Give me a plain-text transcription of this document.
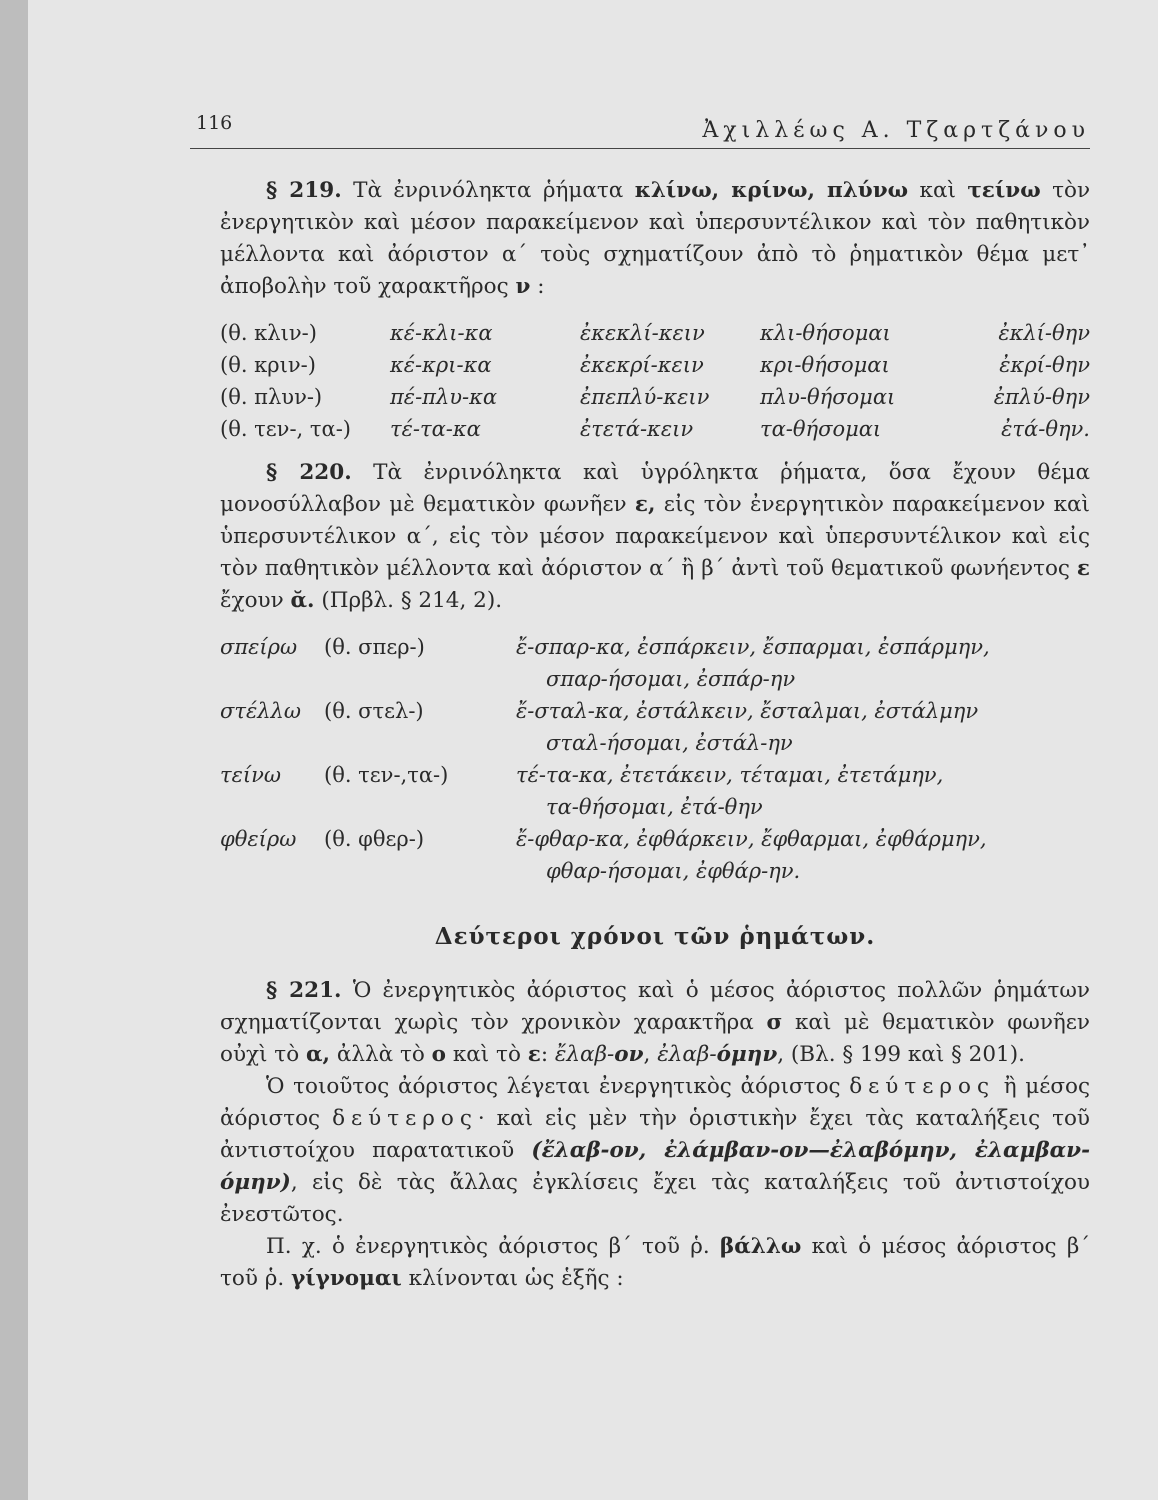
116	Ἀχιλλέως Α. Τζαρτζάνου

§ 219. Τὰ ἐνρινόληκτα ῥήματα κλίνω, κρίνω, πλύνω καὶ τείνω τὸν ἐνεργητικὸν καὶ μέσον παρακείμενον καὶ ὑπερσυντέλικον καὶ τὸν παθητικὸν μέλλοντα καὶ ἀόριστον α΄ τοὺς σχηματίζουν ἀπὸ τὸ ῥηματικὸν θέμα μετ᾽ ἀποβολὴν τοῦ χαρακτῆρος ν :

(θ. κλιν-)	κέ-κλι-κα	ἐκεκλί-κειν	κλι-θήσομαι	ἐκλί-θην
(θ. κριν-)	κέ-κρι-κα	ἐκεκρί-κειν	κρι-θήσομαι	ἐκρί-θην
(θ. πλυν-)	πέ-πλυ-κα	ἐπεπλύ-κειν	πλυ-θήσομαι	ἐπλύ-θην
(θ. τεν-, τα-)	τέ-τα-κα	ἐτετά-κειν	τα-θήσομαι	ἐτά-θην.

§ 220. Τὰ ἐνρινόληκτα καὶ ὑγρόληκτα ῥήματα, ὅσα ἔχουν θέμα μονοσύλλαβον μὲ θεματικὸν φωνῆεν ε, εἰς τὸν ἐνεργητικὸν παρακείμενον καὶ ὑπερσυντέλικον α΄, εἰς τὸν μέσον παρακείμενον καὶ ὑπερσυντέλικον καὶ εἰς τὸν παθητικὸν μέλλοντα καὶ ἀόριστον α΄ ἢ β΄ ἀντὶ τοῦ θεματικοῦ φωνήεντος ε ἔχουν ᾰ. (Πρβλ. § 214, 2).

σπείρω	(θ. σπερ-)	ἔ-σπαρ-κα, ἐσπάρκειν, ἔσπαρμαι, ἐσπάρμην,
σπαρ-ήσομαι, ἐσπάρ-ην

στέλλω	(θ. στελ-)	ἔ-σταλ-κα, ἐστάλκειν, ἔσταλμαι, ἐστάλμην
σταλ-ήσομαι, ἐστάλ-ην

τείνω	(θ. τεν-,τα-)	τέ-τα-κα, ἐτετάκειν, τέταμαι, ἐτετάμην,
τα-θήσομαι, ἐτά-θην

φθείρω	(θ. φθερ-)	ἔ-φθαρ-κα, ἐφθάρκειν, ἔφθαρμαι, ἐφθάρμην,
φθαρ-ήσομαι, ἐφθάρ-ην.
Δεύτεροι χρόνοι τῶν ῥημάτων.

§ 221. Ὁ ἐνεργητικὸς ἀόριστος καὶ ὁ μέσος ἀόριστος πολλῶν ῥημάτων σχηματίζονται χωρὶς τὸν χρονικὸν χαρακτῆρα σ καὶ μὲ θεματικὸν φωνῆεν οὐχὶ τὸ α, ἀλλὰ τὸ ο καὶ τὸ ε: ἔλαβ-ον, ἐλαβ-όμην, (Βλ. § 199 καὶ § 201).

Ὁ τοιοῦτος ἀόριστος λέγεται ἐνεργητικὸς ἀόριστος δεύτερος ἢ μέσος ἀόριστος δεύτερος· καὶ εἰς μὲν τὴν ὁριστικὴν ἔχει τὰς καταλήξεις τοῦ ἀντιστοίχου παρατατικοῦ (ἔλαβ-ον, ἐλάμβαν-ον—ἐλαβόμην, ἐλαμβαν-όμην), εἰς δὲ τὰς ἄλλας ἐγκλίσεις ἔχει τὰς καταλήξεις τοῦ ἀντιστοίχου ἐνεστῶτος.

Π. χ. ὁ ἐνεργητικὸς ἀόριστος β΄ τοῦ ῥ. βάλλω καὶ ὁ μέσος ἀόριστος β΄ τοῦ ῥ. γίγνομαι κλίνονται ὡς ἑξῆς :
